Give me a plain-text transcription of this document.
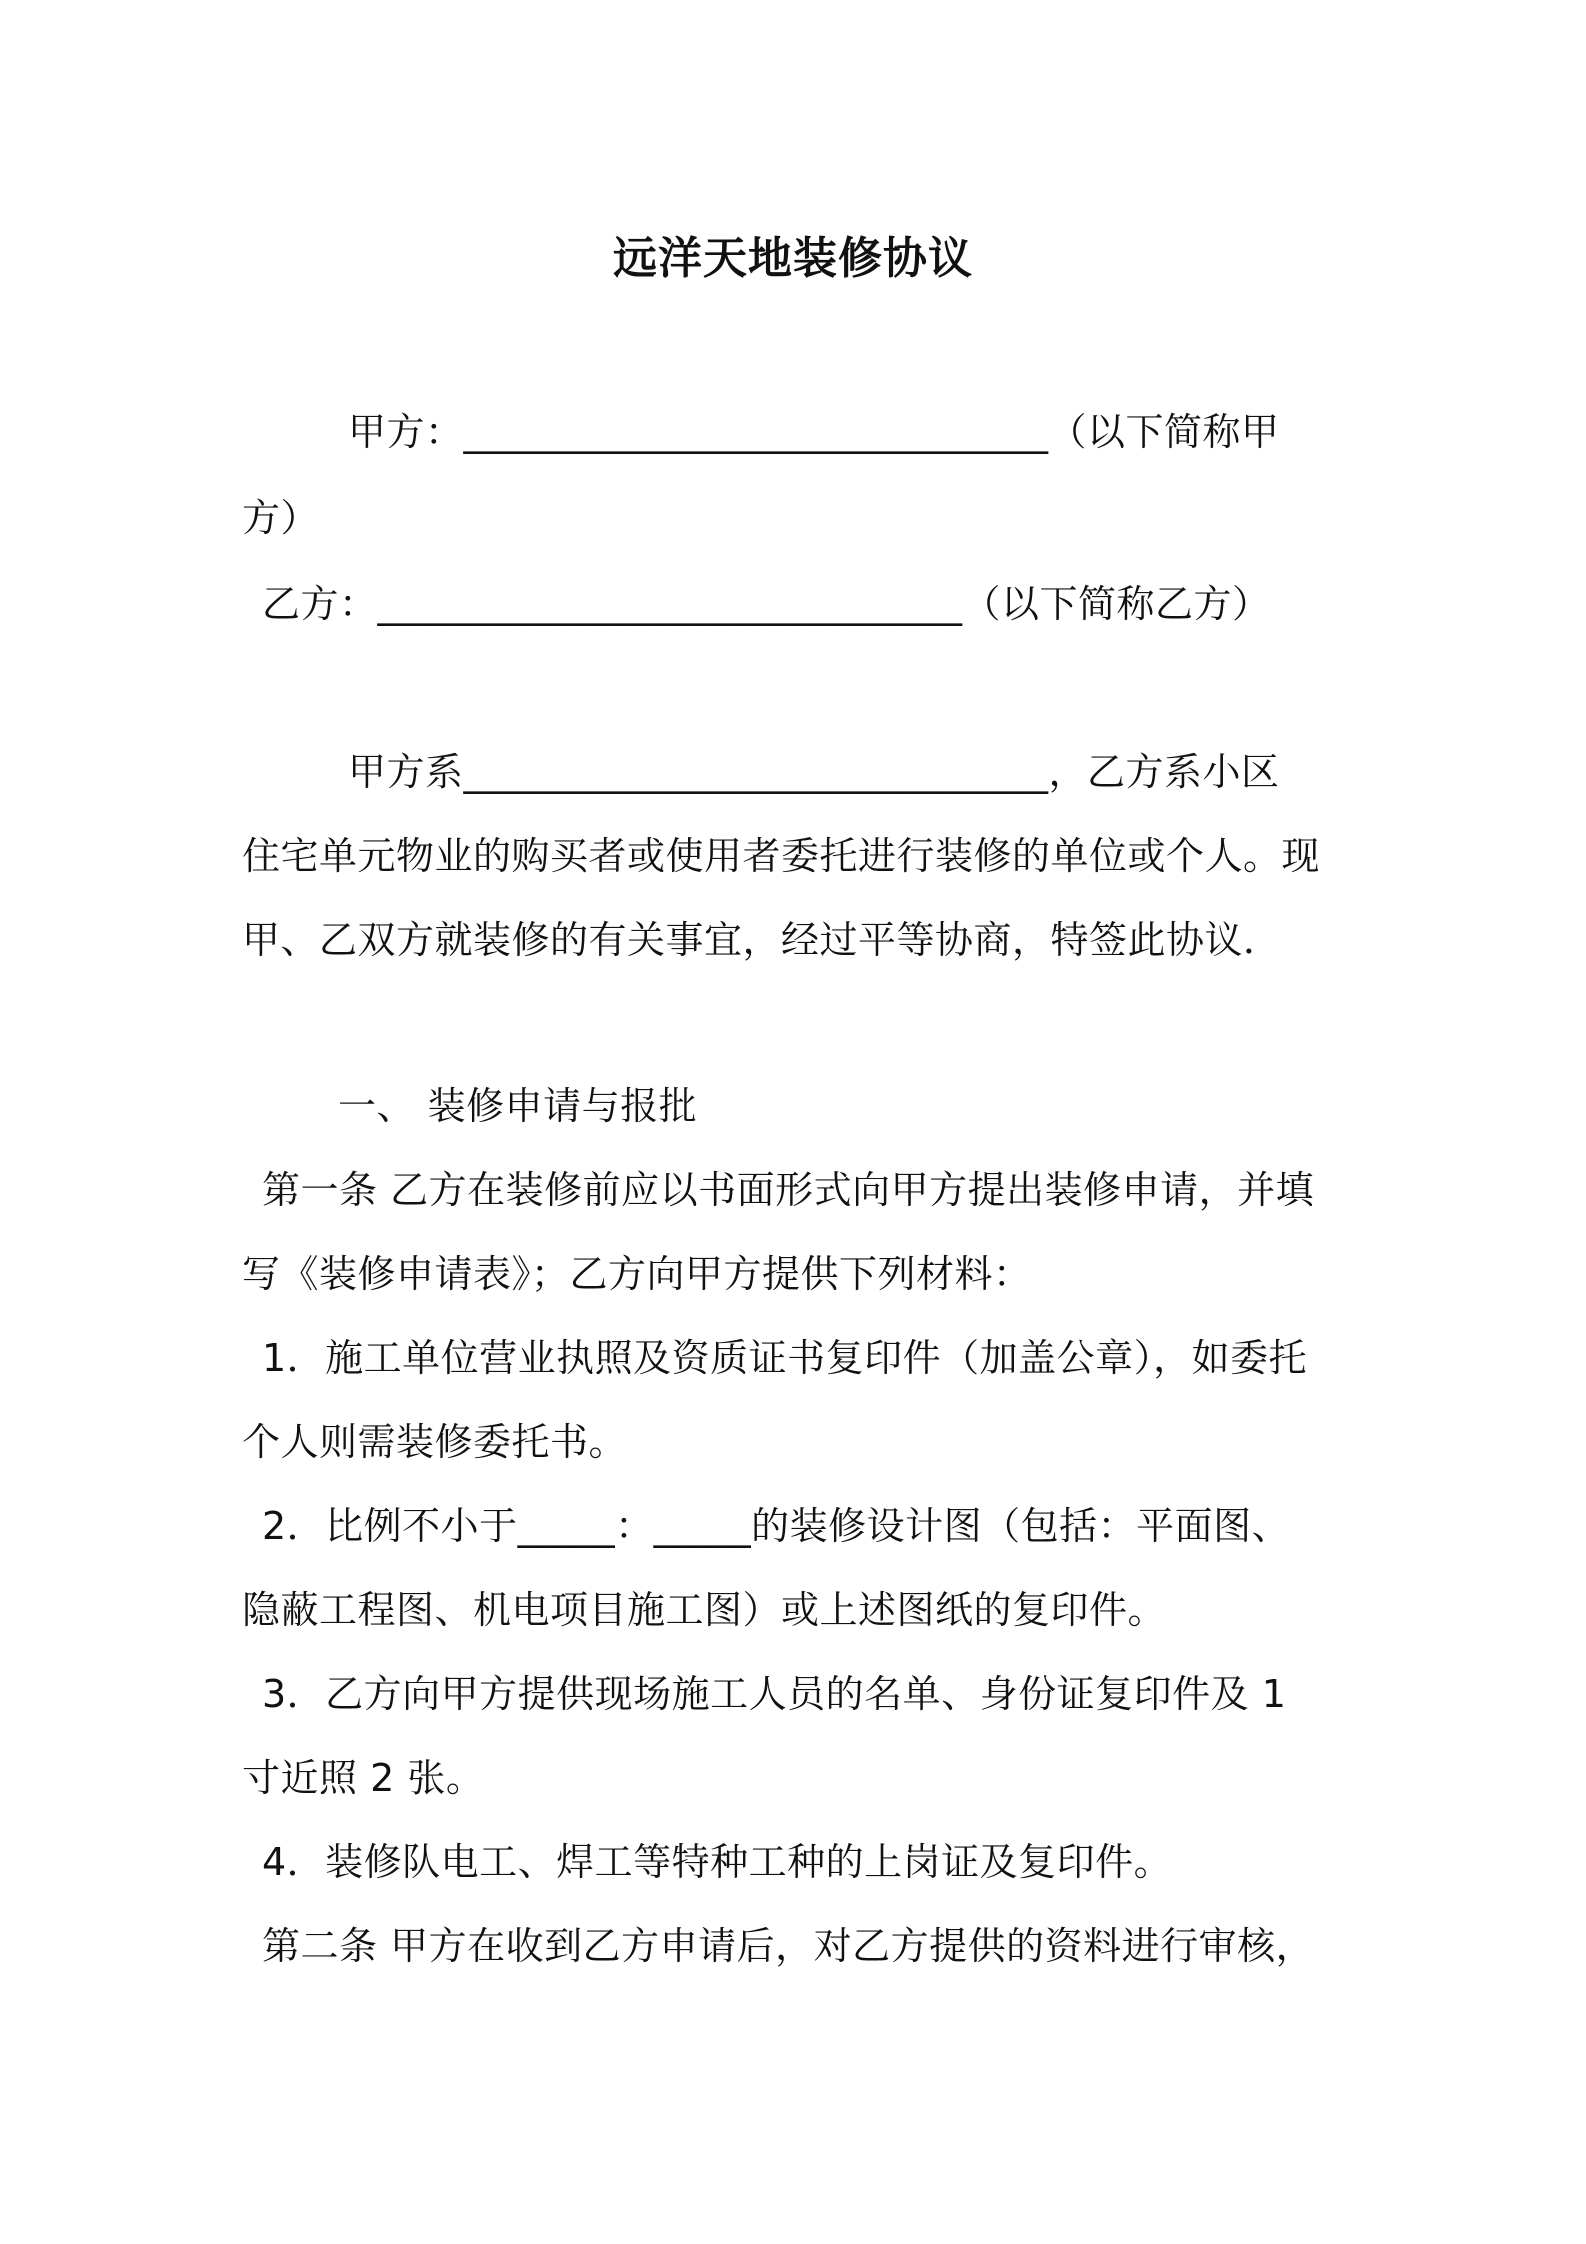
远洋天地装修协议
甲方：______________________________（以下简称甲
方）
乙方：______________________________（以下简称乙方）
甲方系______________________________，乙方系小区
住宅单元物业的购买者或使用者委托进行装修的单位或个人。现
甲、乙双方就装修的有关事宜，经过平等协商，特签此协议．
一、 装修申请与报批
第一条 乙方在装修前应以书面形式向甲方提出装修申请，并填
写《装修申请表》；乙方向甲方提供下列材料：
1．施工单位营业执照及资质证书复印件（加盖公章），如委托
个人则需装修委托书。
2．比例不小于_____：_____的装修设计图（包括：平面图、
隐蔽工程图、机电项目施工图）或上述图纸的复印件。
3．乙方向甲方提供现场施工人员的名单、身份证复印件及 1
寸近照 2 张。
4．装修队电工、焊工等特种工种的上岗证及复印件。
第二条 甲方在收到乙方申请后，对乙方提供的资料进行审核，
